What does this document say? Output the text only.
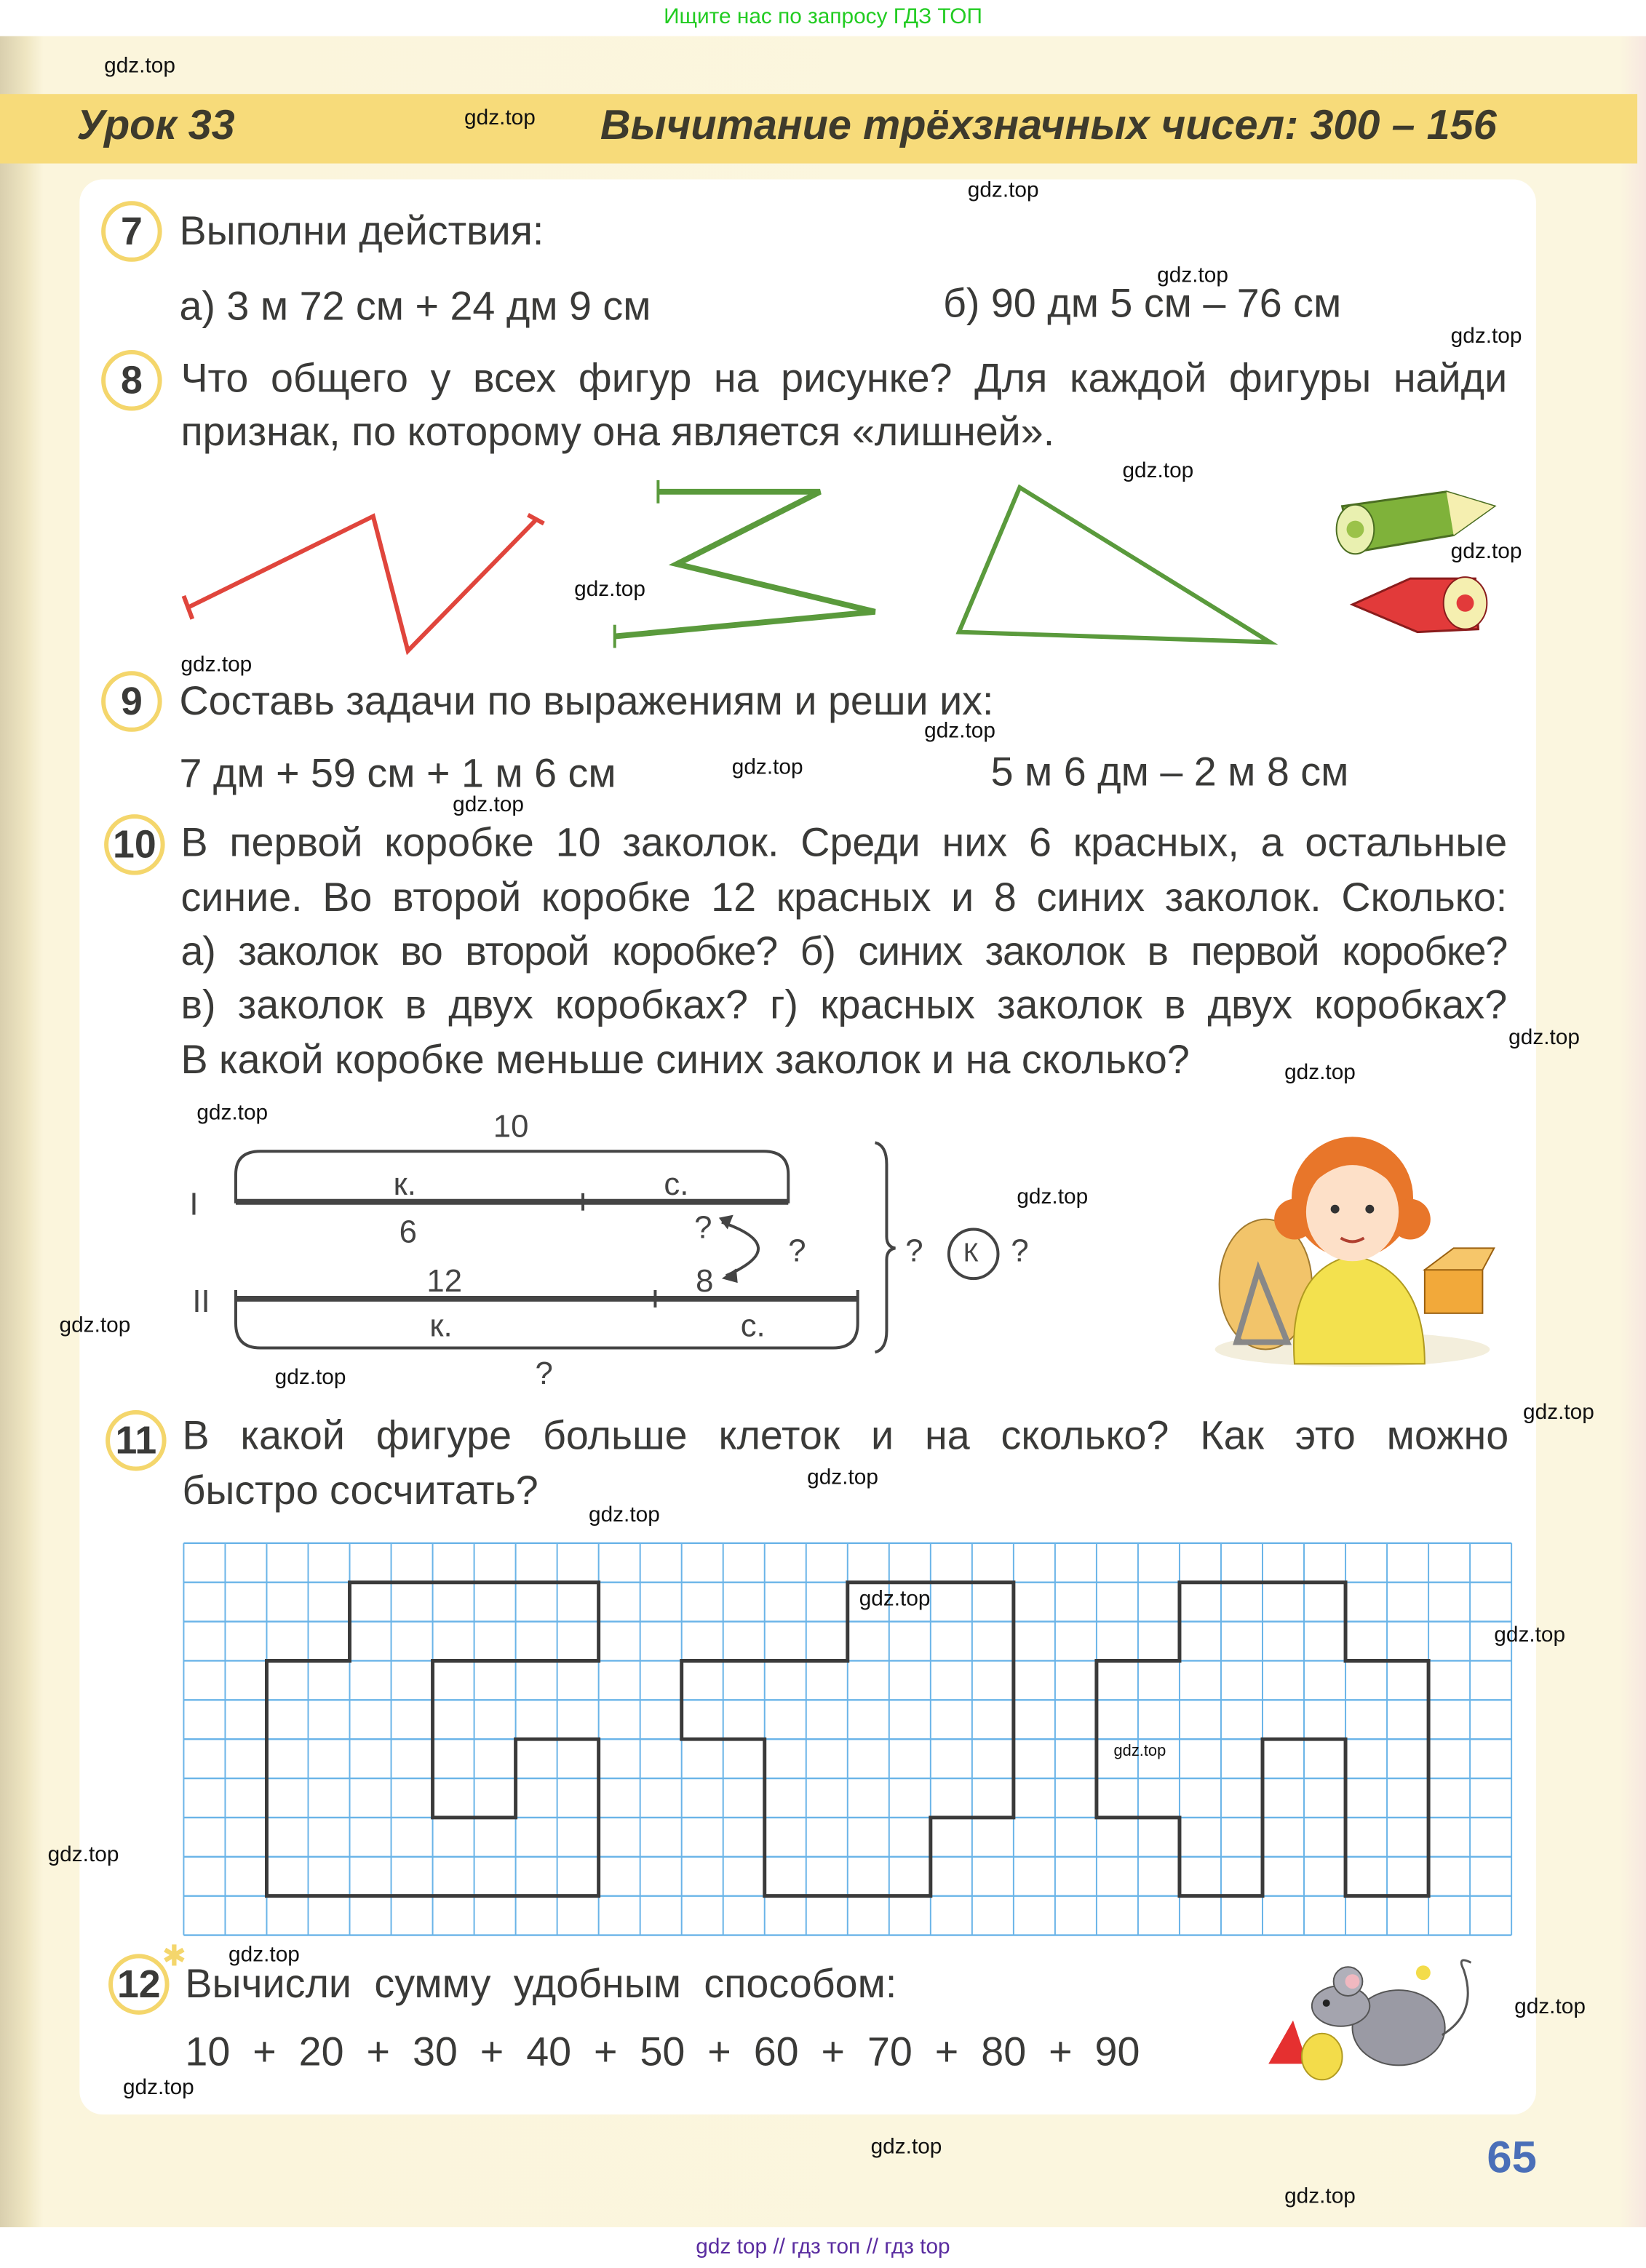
Ищите нас по запросу ГДЗ ТОП
Урок 33	Вычитание трёхзначных чисел: 300 – 156
7	Выполни действия:
а) 3 м 72 см + 24 дм 9 см	б) 90 дм 5 см – 76 см
8	Что общего у всех фигур на рисунке? Для каждой фигуры найди
признак, по которому она является «лишней».
9	Составь задачи по выражениям и реши их:
7 дм + 59 см + 1 м 6 см	5 м 6 дм – 2 м 8 см
10	В первой коробке 10 заколок. Среди них 6 красных, а остальные
синие. Во второй коробке 12 красных и 8 синих заколок. Сколько:
а) заколок во второй коробке? б) синих заколок в первой коробке?
в) заколок в двух коробках? г) красных заколок в двух коробках?
В какой коробке меньше синих заколок и на сколько?
10
I
к.	с.
6	?
?
12	8
II
к.	с.
?
?	К ?
11	В какой фигуре больше клеток и на сколько? Как это можно
быстро сосчитать?
12
✱
Вычисли сумму удобным способом:
10  +  20  +  30  +  40  +  50  +  60  +  70  +  80  +  90
65
gdz top // гдз топ // гдз top
gdz.top
gdz.top
gdz.top
gdz.top
gdz.top
gdz.top
gdz.top
gdz.top
gdz.top
gdz.top
gdz.top
gdz.top
gdz.top
gdz.top
gdz.top
gdz.top
gdz.top
gdz.top
gdz.top
gdz.top
gdz.top
gdz.top
gdz.top
gdz.top
gdz.top
gdz.top
gdz.top
gdz.top
gdz.top
gdz.top
